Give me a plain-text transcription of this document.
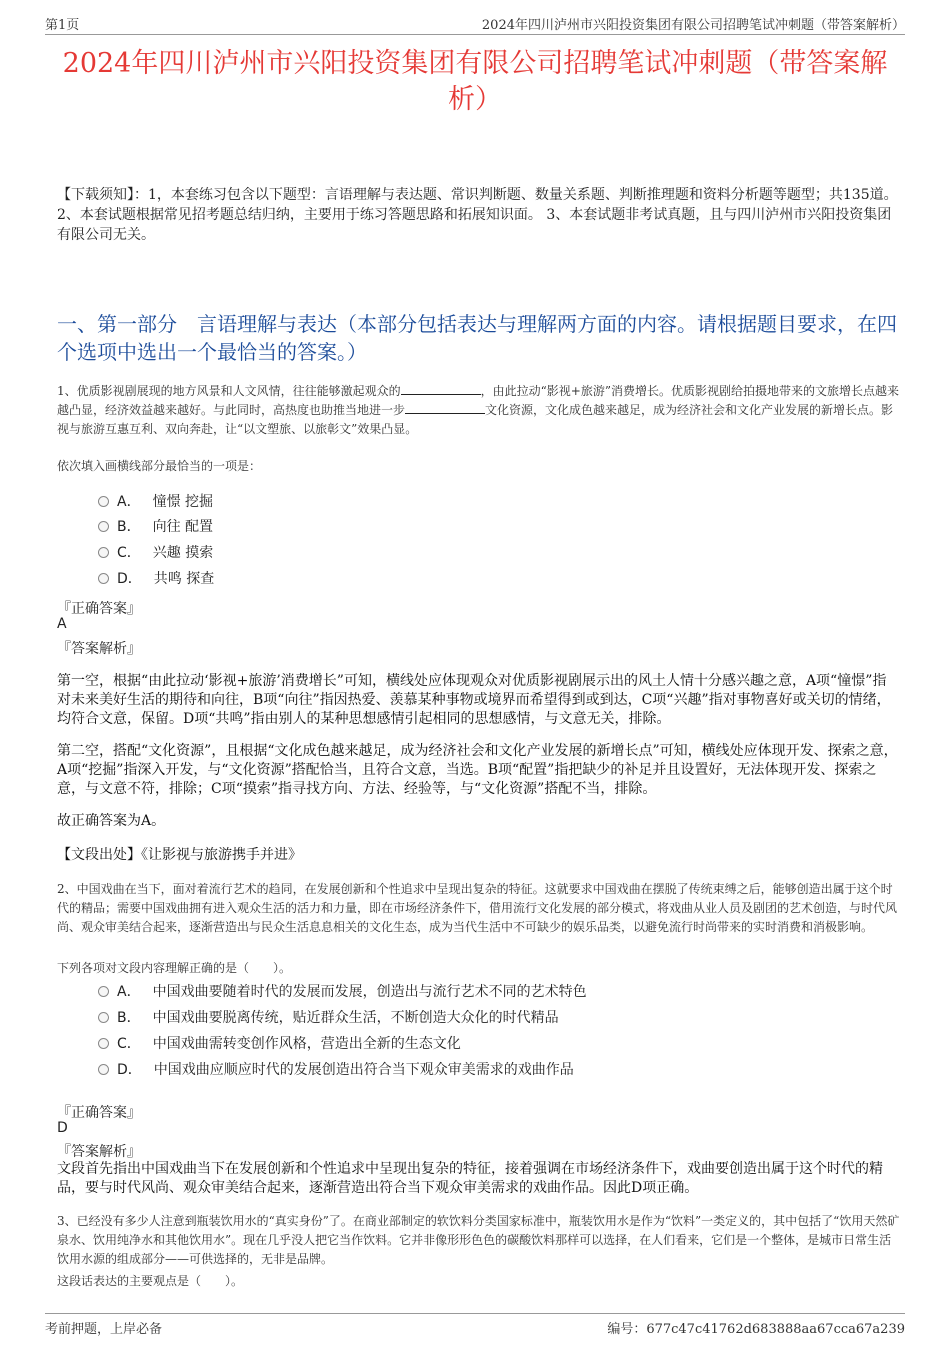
第1页	2024年四川泸州市兴阳投资集团有限公司招聘笔试冲刺题（带答案解析）
2024年四川泸州市兴阳投资集团有限公司招聘笔试冲刺题（带答案解析）
【下载须知】：1，本套练习包含以下题型：言语理解与表达题、常识判断题、数量关系题、判断推理题和资料分析题等题型；共135道。 2、本套试题根据常见招考题总结归纳，主要用于练习答题思路和拓展知识面。 3、本套试题非考试真题，且与四川泸州市兴阳投资集团有限公司无关。
一、第一部分　言语理解与表达（本部分包括表达与理解两方面的内容。请根据题目要求，在四个选项中选出一个最恰当的答案。）
1、优质影视剧展现的地方风景和人文风情，往往能够激起观众的	，由此拉动“影视+旅游”消费增长。优质影视剧给拍摄地带来的文旅增长点越来越凸显，经济效益越来越好。与此同时，高热度也助推当地进一步	文化资源，文化成色越来越足，成为经济社会和文化产业发展的新增长点。影视与旅游互惠互利、双向奔赴，让“以文塑旅、以旅彰文”效果凸显。
依次填入画横线部分最恰当的一项是：
A． 憧憬 挖掘
B． 向往 配置
C． 兴趣 摸索
D． 共鸣 探查
『正确答案』
A
『答案解析』
第一空，根据“由此拉动‘影视+旅游’消费增长”可知，横线处应体现观众对优质影视剧展示出的风土人情十分感兴趣之意，A项“憧憬”指对未来美好生活的期待和向往，B项“向往”指因热爱、羡慕某种事物或境界而希望得到或到达，C项“兴趣”指对事物喜好或关切的情绪，均符合文意，保留。D项“共鸣”指由别人的某种思想感情引起相同的思想感情，与文意无关，排除。
第二空，搭配“文化资源”，且根据“文化成色越来越足，成为经济社会和文化产业发展的新增长点”可知，横线处应体现开发、探索之意，A项“挖掘”指深入开发，与“文化资源”搭配恰当，且符合文意，当选。B项“配置”指把缺少的补足并且设置好，无法体现开发、探索之意，与文意不符，排除；C项“摸索”指寻找方向、方法、经验等，与“文化资源”搭配不当，排除。
故正确答案为A。
【文段出处】《让影视与旅游携手并进》
2、中国戏曲在当下，面对着流行艺术的趋同，在发展创新和个性追求中呈现出复杂的特征。这就要求中国戏曲在摆脱了传统束缚之后，能够创造出属于这个时代的精品；需要中国戏曲拥有进入观众生活的活力和力量，即在市场经济条件下，借用流行文化发展的部分模式，将戏曲从业人员及剧团的艺术创造，与时代风尚、观众审美结合起来，逐渐营造出与民众生活息息相关的文化生态，成为当代生活中不可缺少的娱乐品类，以避免流行时尚带来的实时消费和消极影响。
下列各项对文段内容理解正确的是（　　）。
A． 中国戏曲要随着时代的发展而发展，创造出与流行艺术不同的艺术特色
B． 中国戏曲要脱离传统，贴近群众生活，不断创造大众化的时代精品
C． 中国戏曲需转变创作风格，营造出全新的生态文化
D． 中国戏曲应顺应时代的发展创造出符合当下观众审美需求的戏曲作品
『正确答案』
D
『答案解析』
文段首先指出中国戏曲当下在发展创新和个性追求中呈现出复杂的特征，接着强调在市场经济条件下，戏曲要创造出属于这个时代的精品，要与时代风尚、观众审美结合起来，逐渐营造出符合当下观众审美需求的戏曲作品。因此D项正确。
3、已经没有多少人注意到瓶装饮用水的“真实身份”了。在商业部制定的软饮料分类国家标准中，瓶装饮用水是作为“饮料”一类定义的，其中包括了“饮用天然矿泉水、饮用纯净水和其他饮用水”。现在几乎没人把它当作饮料。它并非像形形色色的碳酸饮料那样可以选择，在人们看来，它们是一个整体，是城市日常生活饮用水源的组成部分——可供选择的，无非是品牌。
这段话表达的主要观点是（　　）。
考前押题，上岸必备	编号：677c47c41762d683888aa67cca67a239
